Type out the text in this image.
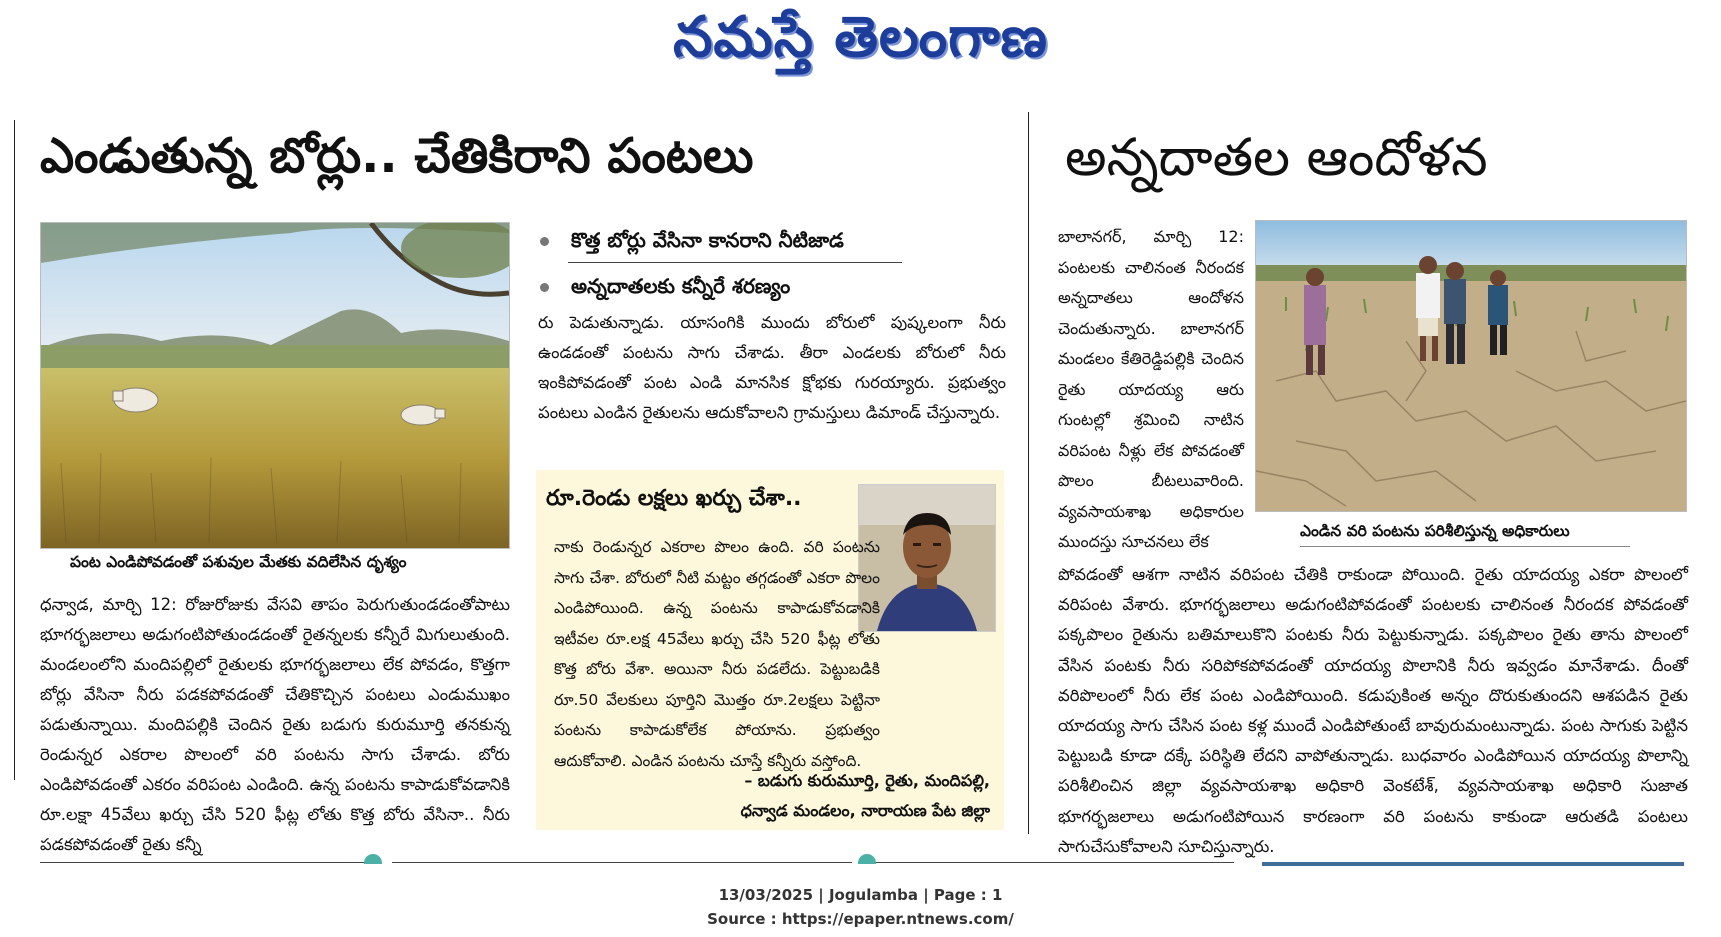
నమస్తే తెలంగాణ
ఎండుతున్న బోర్లు.. చేతికిరాని పంటలు	అన్నదాతల ఆందోళన
పంట ఎండిపోవడంతో పశువుల మేతకు వదిలేసిన దృశ్యం

ధన్వాడ, మార్చి 12: రోజురోజుకు వేసవి తాపం పెరుగుతుండడంతోపాటు భూగర్భజలాలు అడుగంటిపోతుండడంతో రైతన్నలకు కన్నీరే మిగులుతుంది. మండలంలోని మందిపల్లిలో రైతులకు భూగర్భజలాలు లేక పోవడం, కొత్తగా బోర్లు వేసినా నీరు పడకపోవడంతో చేతికొచ్చిన పంటలు ఎండుముఖం పడుతున్నాయి. మందిపల్లికి చెందిన రైతు బడుగు కురుమూర్తి తనకున్న రెండున్నర ఎకరాల పొలంలో వరి పంటను సాగు చేశాడు. బోరు ఎండిపోవడంతో ఎకరం వరిపంట ఎండింది. ఉన్న పంటను కాపాడుకోవడానికి రూ.లక్షా 45వేలు ఖర్చు చేసి 520 ఫీట్ల లోతు కొత్త బోరు వేసినా.. నీరు పడకపోవడంతో రైతు కన్నీ

కొత్త బోర్లు వేసినా కానరాని నీటిజాడ
అన్నదాతలకు కన్నీరే శరణ్యం

రు పెడుతున్నాడు. యాసంగికి ముందు బోరులో పుష్కలంగా నీరు ఉండడంతో పంటను సాగు చేశాడు. తీరా ఎండలకు బోరులో నీరు ఇంకిపోవడంతో పంట ఎండి మానసిక క్షోభకు గురయ్యారు. ప్రభుత్వం పంటలు ఎండిన రైతులను ఆదుకోవాలని గ్రామస్తులు డిమాండ్ చేస్తున్నారు.

రూ.రెండు లక్షలు ఖర్చు చేశా..
నాకు రెండున్నర ఎకరాల పొలం ఉంది. వరి పంటను సాగు చేశా. బోరులో నీటి మట్టం తగ్గడంతో ఎకరా పొలం ఎండిపోయింది. ఉన్న పంటను కాపాడుకోవడానికి ఇటీవల రూ.లక్ష 45వేలు ఖర్చు చేసి 520 ఫీట్ల లోతు కొత్త బోరు వేశా. అయినా నీరు పడలేదు. పెట్టుబడికి రూ.50 వేలకులు పూర్తిని మొత్తం రూ.2లక్షలు పెట్టినా పంటను కాపాడుకోలేక పోయాను. ప్రభుత్వం ఆదుకోవాలి. ఎండిన పంటను చూస్తే కన్నీరు వస్తోంది.
– బడుగు కురుమూర్తి, రైతు, మందిపల్లి,
ధన్వాడ మండలం, నారాయణ పేట జిల్లా
ఎండిన వరి పంటను పరిశీలిస్తున్న అధికారులు

బాలానగర్, మార్చి 12: పంటలకు చాలినంత నీరందక అన్నదాతలు ఆందోళన చెందుతున్నారు. బాలానగర్ మండలం కేతిరెడ్డిపల్లికి చెందిన రైతు యాదయ్య ఆరు గుంటల్లో శ్రమించి నాటిన వరిపంట నీళ్లు లేక పోవడంతో పొలం బీటలువారింది. వ్యవసాయశాఖ అధికారుల ముందస్తు సూచనలు లేక

పోవడంతో ఆశగా నాటిన వరిపంట చేతికి రాకుండా పోయింది. రైతు యాదయ్య ఎకరా పొలంలో వరిపంట వేశారు. భూగర్భజలాలు అడుగంటిపోవడంతో పంటలకు చాలినంత నీరందక పోవడంతో పక్కపొలం రైతును బతిమాలుకొని పంటకు నీరు పెట్టుకున్నాడు. పక్కపొలం రైతు తాను పొలంలో వేసిన పంటకు నీరు సరిపోకపోవడంతో యాదయ్య పొలానికి నీరు ఇవ్వడం మానేశాడు. దీంతో వరిపొలంలో నీరు లేక పంట ఎండిపోయింది. కడుపుకింత అన్నం దొరుకుతుందని ఆశపడిన రైతు యాదయ్య సాగు చేసిన పంట కళ్ల ముందే ఎండిపోతుంటే బావురుమంటున్నాడు. పంట సాగుకు పెట్టిన పెట్టుబడి కూడా దక్కే పరిస్థితి లేదని వాపోతున్నాడు. బుధవారం ఎండిపోయిన యాదయ్య పొలాన్ని పరిశీలించిన జిల్లా వ్యవసాయశాఖ అధికారి వెంకటేశ్, వ్యవసాయశాఖ అధికారి సుజాత భూగర్భజలాలు అడుగంటిపోయిన కారణంగా వరి పంటను కాకుండా ఆరుతడి పంటలు సాగుచేసుకోవాలని సూచిస్తున్నారు.

13/03/2025 | Jogulamba | Page : 1
Source : https://epaper.ntnews.com/
